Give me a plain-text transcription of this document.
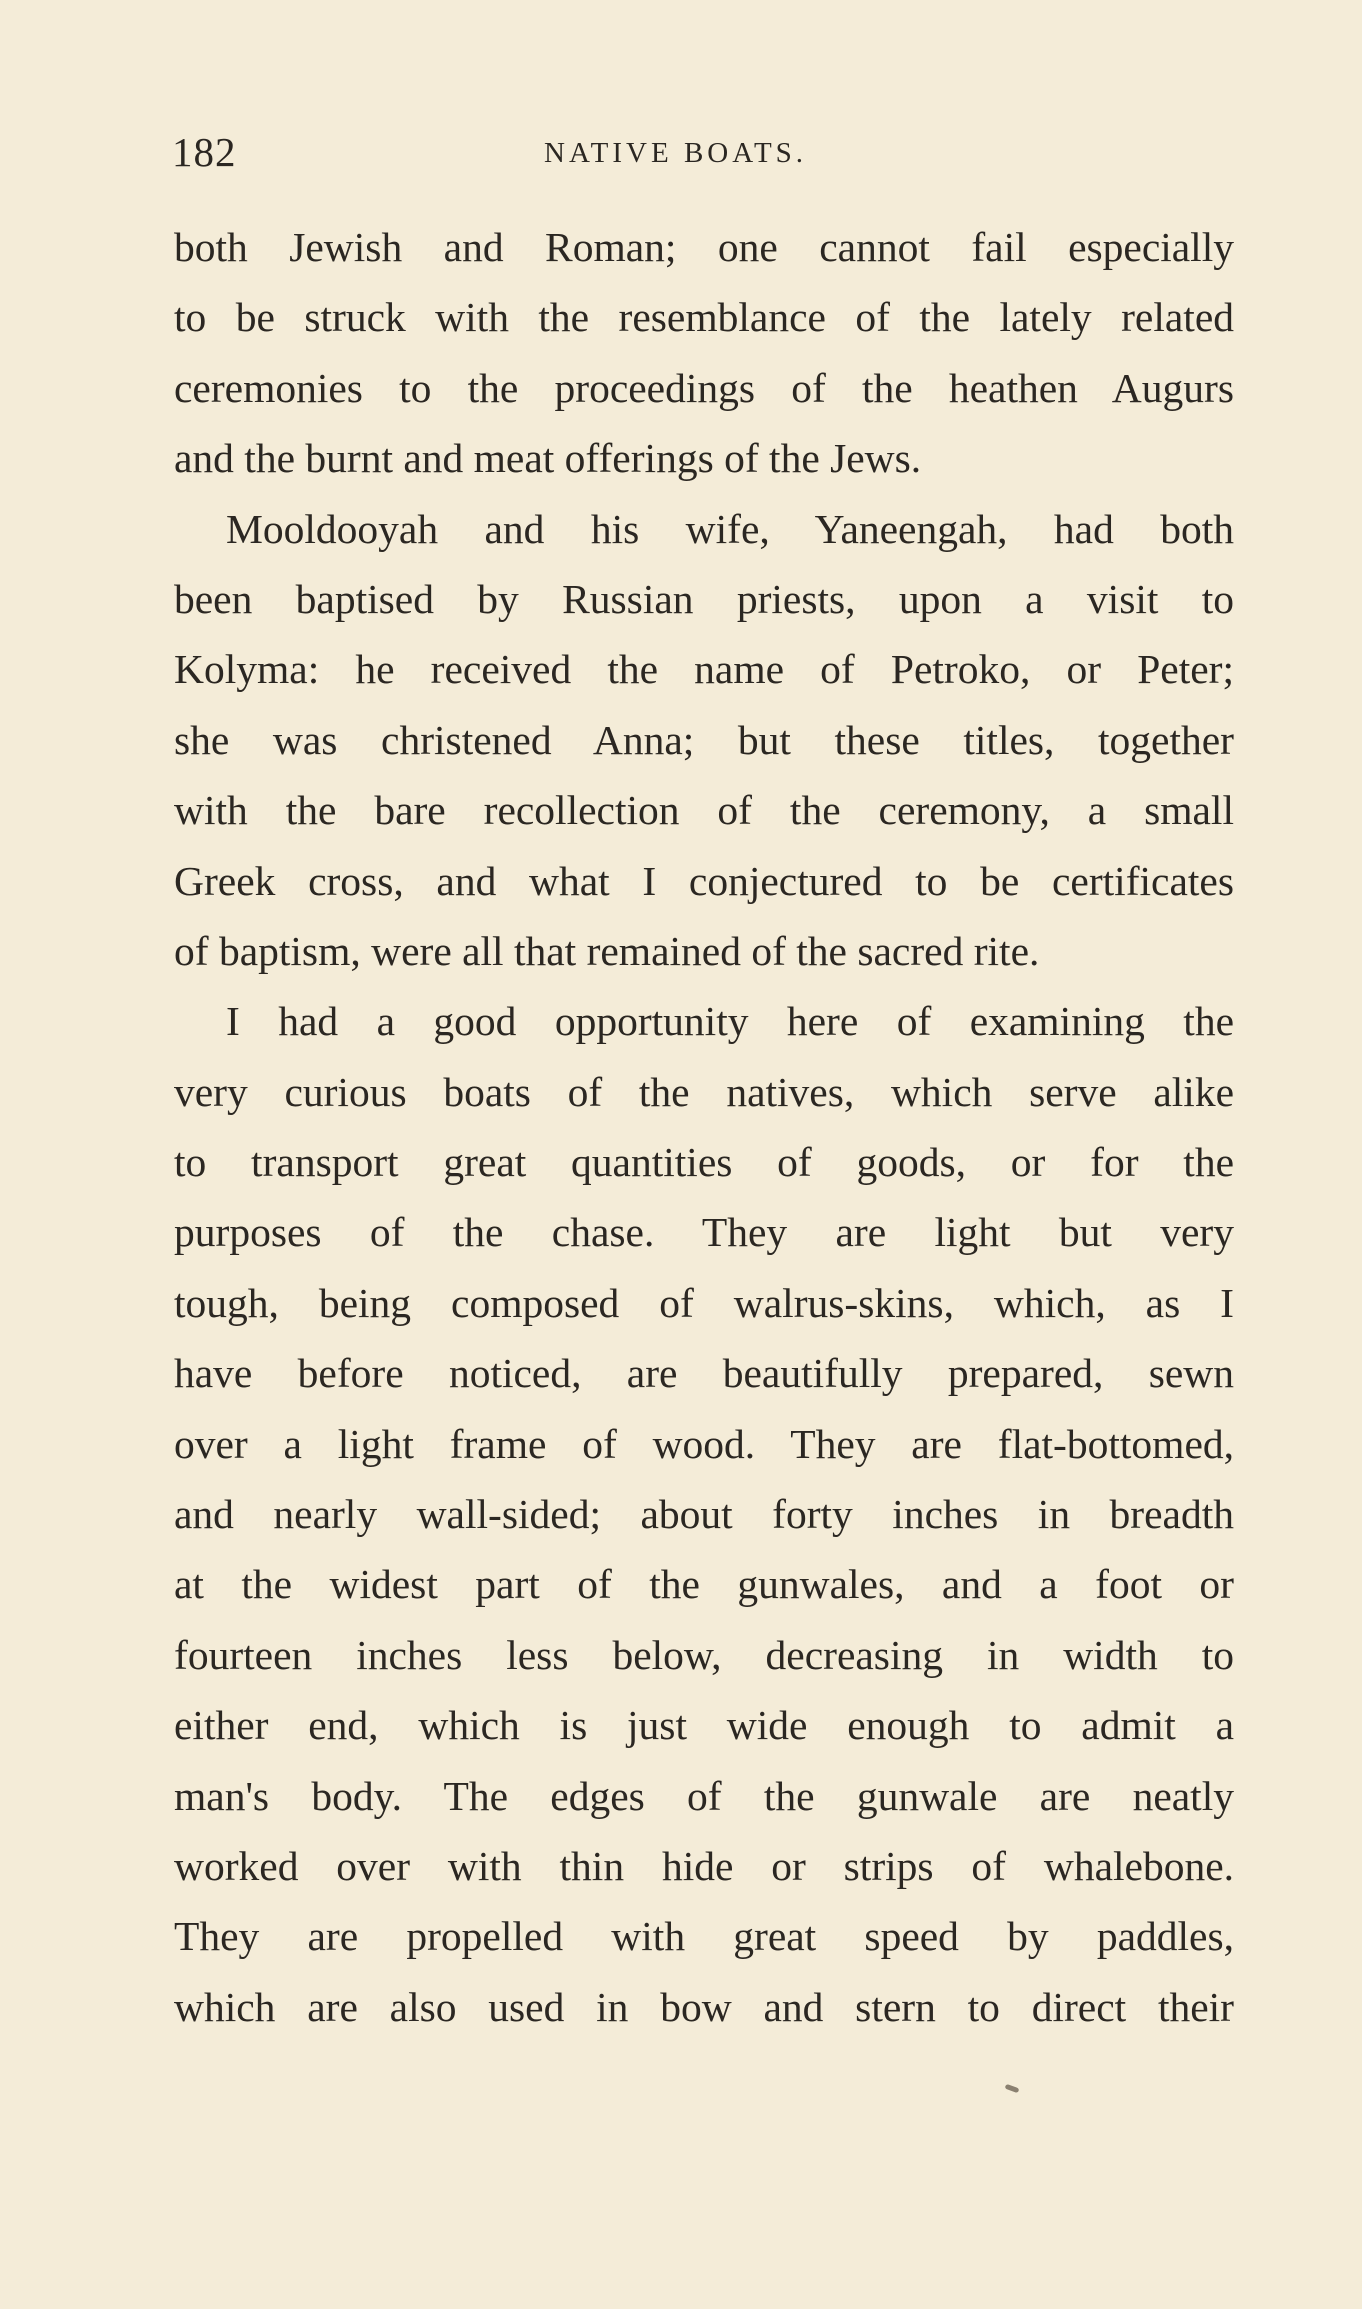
182	NATIVE BOATS.
both Jewish and Roman; one cannot fail especially
to be struck with the resemblance of the lately related
ceremonies to the proceedings of the heathen Augurs
and the burnt and meat offerings of the Jews.
Mooldooyah and his wife, Yaneengah, had both
been baptised by Russian priests, upon a visit to
Kolyma: he received the name of Petroko, or Peter;
she was christened Anna; but these titles, together
with the bare recollection of the ceremony, a small
Greek cross, and what I conjectured to be certificates
of baptism, were all that remained of the sacred rite.
I had a good opportunity here of examining the
very curious boats of the natives, which serve alike
to transport great quantities of goods, or for the
purposes of the chase. They are light but very
tough, being composed of walrus-skins, which, as I
have before noticed, are beautifully prepared, sewn
over a light frame of wood. They are flat-bottomed,
and nearly wall-sided; about forty inches in breadth
at the widest part of the gunwales, and a foot or
fourteen inches less below, decreasing in width to
either end, which is just wide enough to admit a
man's body. The edges of the gunwale are neatly
worked over with thin hide or strips of whalebone.
They are propelled with great speed by paddles,
which are also used in bow and stern to direct their
